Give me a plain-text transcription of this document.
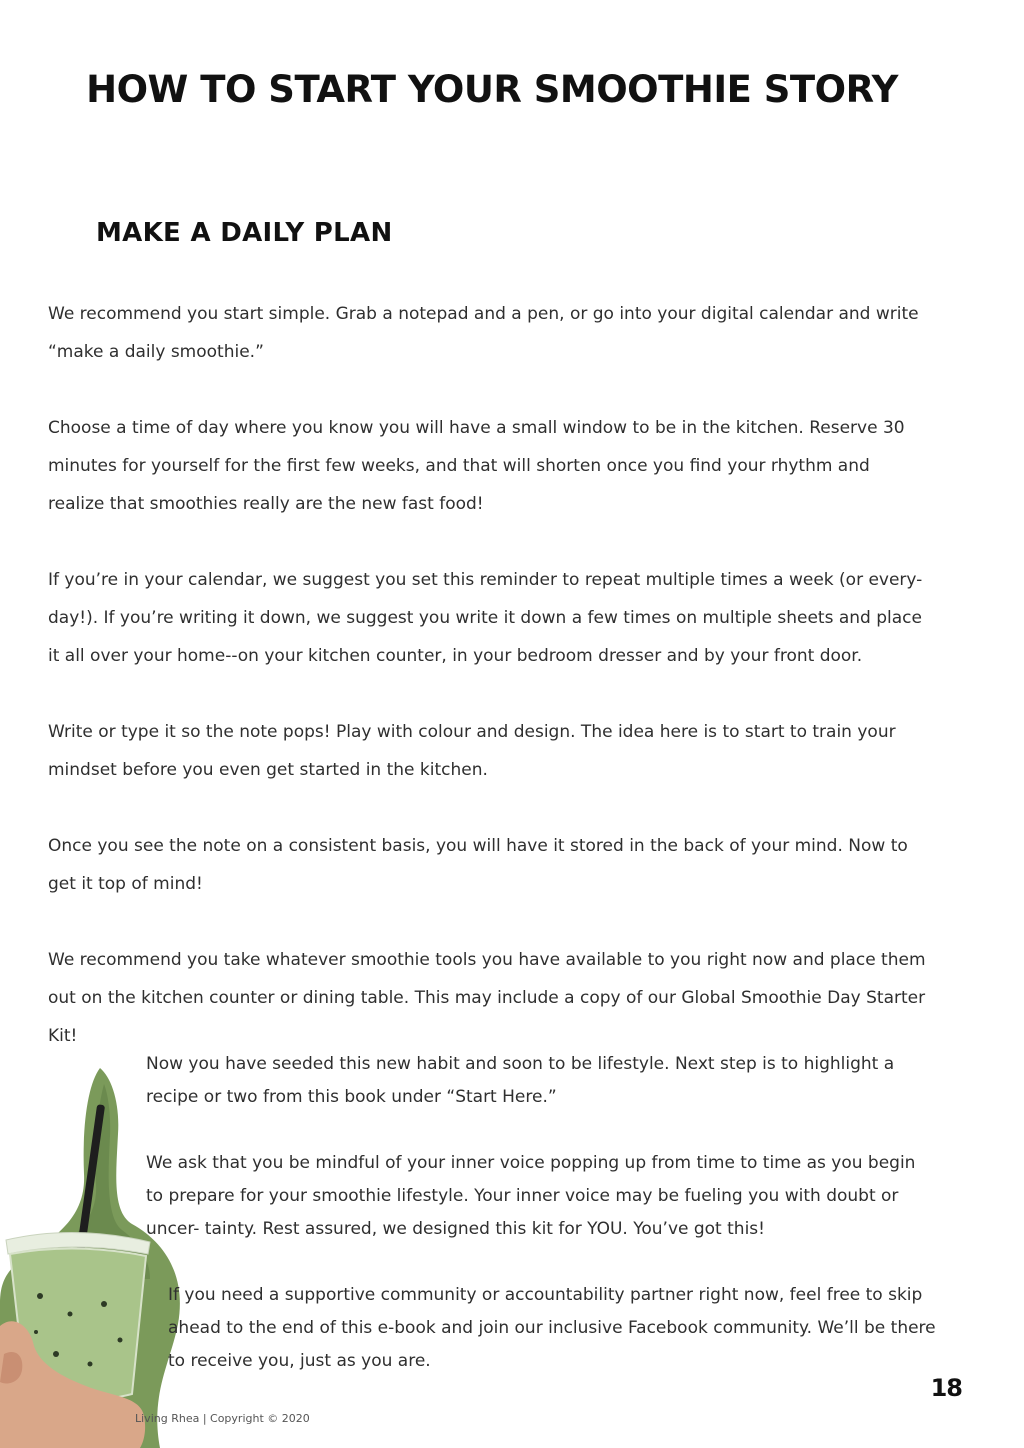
HOW TO START YOUR SMOOTHIE STORY
MAKE A DAILY PLAN

We recommend you start simple. Grab a notepad and a pen, or go into your digital calendar and write “make a daily smoothie.”

Choose a time of day where you know you will have a small window to be in the kitchen. Reserve 30 minutes for yourself for the first few weeks, and that will shorten once you find your rhythm and realize that smoothies really are the new fast food!

If you’re in your calendar, we suggest you set this reminder to repeat multiple times a week (or every-day!). If you’re writing it down, we suggest you write it down a few times on multiple sheets and place it all over your home--on your kitchen counter, in your bedroom dresser and by your front door.

Write or type it so the note pops! Play with colour and design. The idea here is to start to train your mindset before you even get started in the kitchen.

Once you see the note on a consistent basis, you will have it stored in the back of your mind. Now to get it top of mind!

We recommend you take whatever smoothie tools you have available to you right now and place them out on the kitchen counter or dining table. This may include a copy of our Global Smoothie Day Starter Kit!

Now you have seeded this new habit and soon to be lifestyle. Next step is to highlight a recipe or two from this book under “Start Here.”

We ask that you be mindful of your inner voice popping up from time to time as you begin to prepare for your smoothie lifestyle. Your inner voice may be fueling you with doubt or uncer- tainty. Rest assured, we designed this kit for YOU. You’ve got this!

If you need a supportive community or accountability partner right now, feel free to skip ahead to the end of this e-book and join our inclusive Facebook community. We’ll be there to receive you, just as you are.

18
Living Rhea | Copyright © 2020
